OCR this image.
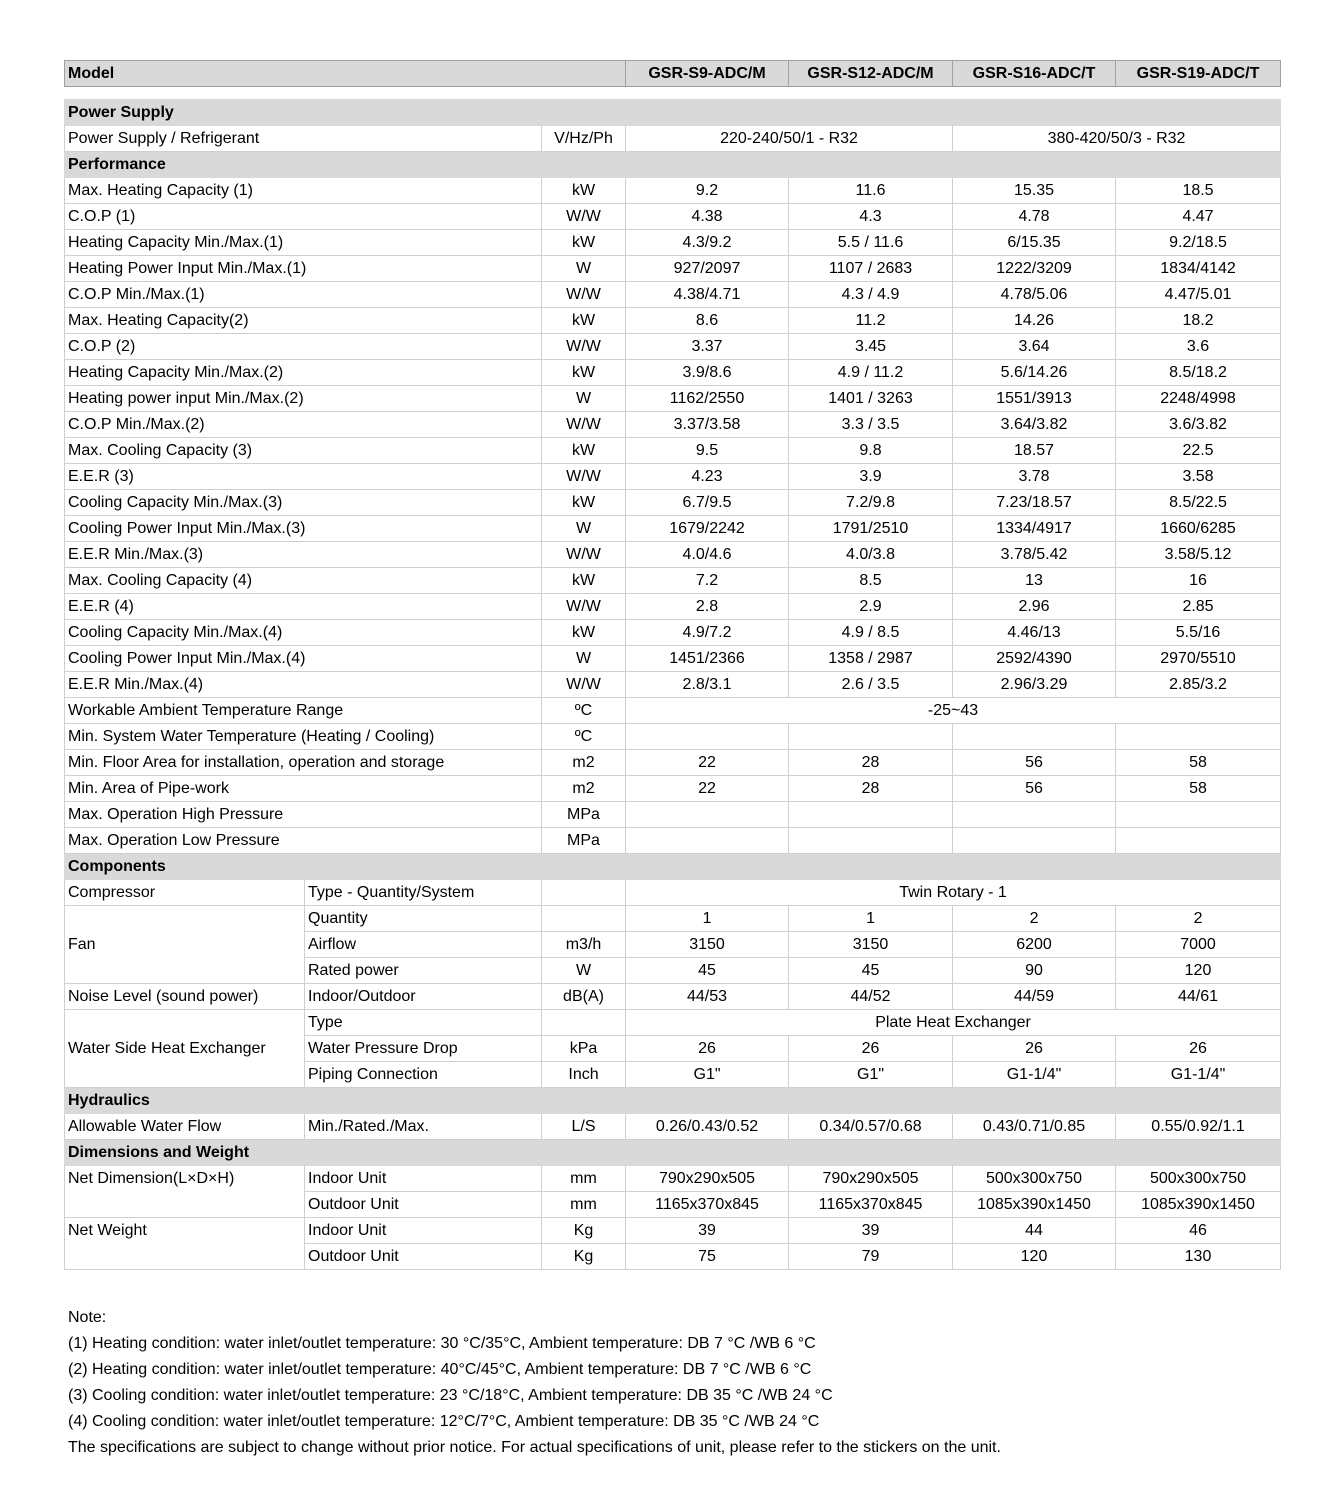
Model			GSR-S9-ADC/M	GSR-S12-ADC/M	GSR-S16-ADC/T	GSR-S19-ADC/T

Power Supply						
Power Supply / Refrigerant		V/Hz/Ph	220-240/50/1 - R32		380-420/50/3 - R32	
Performance						
Max. Heating Capacity (1)		kW	9.2	11.6	15.35	18.5
C.O.P (1)		W/W	4.38	4.3	4.78	4.47
Heating Capacity Min./Max.(1)		kW	4.3/9.2	5.5 / 11.6	6/15.35	9.2/18.5
Heating Power Input Min./Max.(1)		W	927/2097	1107 / 2683	1222/3209	1834/4142
C.O.P Min./Max.(1)		W/W	4.38/4.71	4.3 / 4.9	4.78/5.06	4.47/5.01
Max. Heating Capacity(2)		kW	8.6	11.2	14.26	18.2
C.O.P (2)		W/W	3.37	3.45	3.64	3.6
Heating Capacity Min./Max.(2)		kW	3.9/8.6	4.9 / 11.2	5.6/14.26	8.5/18.2
Heating power input Min./Max.(2)		W	1162/2550	1401 / 3263	1551/3913	2248/4998
C.O.P Min./Max.(2)		W/W	3.37/3.58	3.3 / 3.5	3.64/3.82	3.6/3.82
Max. Cooling Capacity (3)		kW	9.5	9.8	18.57	22.5
E.E.R (3)		W/W	4.23	3.9	3.78	3.58
Cooling Capacity Min./Max.(3)		kW	6.7/9.5	7.2/9.8	7.23/18.57	8.5/22.5
Cooling Power Input Min./Max.(3)		W	1679/2242	1791/2510	1334/4917	1660/6285
E.E.R Min./Max.(3)		W/W	4.0/4.6	4.0/3.8	3.78/5.42	3.58/5.12
Max. Cooling Capacity (4)		kW	7.2	8.5	13	16
E.E.R (4)		W/W	2.8	2.9	2.96	2.85
Cooling Capacity Min./Max.(4)		kW	4.9/7.2	4.9 / 8.5	4.46/13	5.5/16
Cooling Power Input Min./Max.(4)		W	1451/2366	1358 / 2987	2592/4390	2970/5510
E.E.R Min./Max.(4)		W/W	2.8/3.1	2.6 / 3.5	2.96/3.29	2.85/3.2
Workable Ambient Temperature Range		ºC	-25~43			
Min. System Water Temperature (Heating / Cooling)		ºC				
Min. Floor Area for installation, operation and storage		m2	22	28	56	58
Min. Area of Pipe-work		m2	22	28	56	58
Max. Operation High Pressure		MPa				
Max. Operation Low Pressure		MPa				
Components						
Compressor	Type - Quantity/System		Twin Rotary - 1			
Fan	Quantity		1	1	2	2
	Airflow	m3/h	3150	3150	6200	7000
	Rated power	W	45	45	90	120
Noise Level (sound power)	Indoor/Outdoor	dB(A)	44/53	44/52	44/59	44/61
Water Side Heat Exchanger	Type		Plate Heat Exchanger			
	Water Pressure Drop	kPa	26	26	26	26
	Piping Connection	Inch	G1"	G1"	G1-1/4"	G1-1/4"
Hydraulics						
Allowable Water Flow	Min./Rated./Max.	L/S	0.26/0.43/0.52	0.34/0.57/0.68	0.43/0.71/0.85	0.55/0.92/1.1
Dimensions and Weight						
Net Dimension(L×D×H)	Indoor Unit	mm	790x290x505	790x290x505	500x300x750	500x300x750
	Outdoor Unit	mm	1165x370x845	1165x370x845	1085x390x1450	1085x390x1450
Net Weight	Indoor Unit	Kg	39	39	44	46
	Outdoor Unit	Kg	75	79	120	130
Note:
(1) Heating condition: water inlet/outlet temperature: 30 °C/35°C, Ambient temperature: DB 7 °C /WB 6 °C
(2) Heating condition: water inlet/outlet temperature: 40°C/45°C, Ambient temperature: DB 7 °C /WB 6 °C
(3) Cooling condition: water inlet/outlet temperature: 23 °C/18°C, Ambient temperature: DB 35 °C /WB 24 °C
(4) Cooling condition: water inlet/outlet temperature: 12°C/7°C, Ambient temperature: DB 35 °C /WB 24 °C
The specifications are subject to change without prior notice. For actual specifications of unit, please refer to the stickers on the unit.
